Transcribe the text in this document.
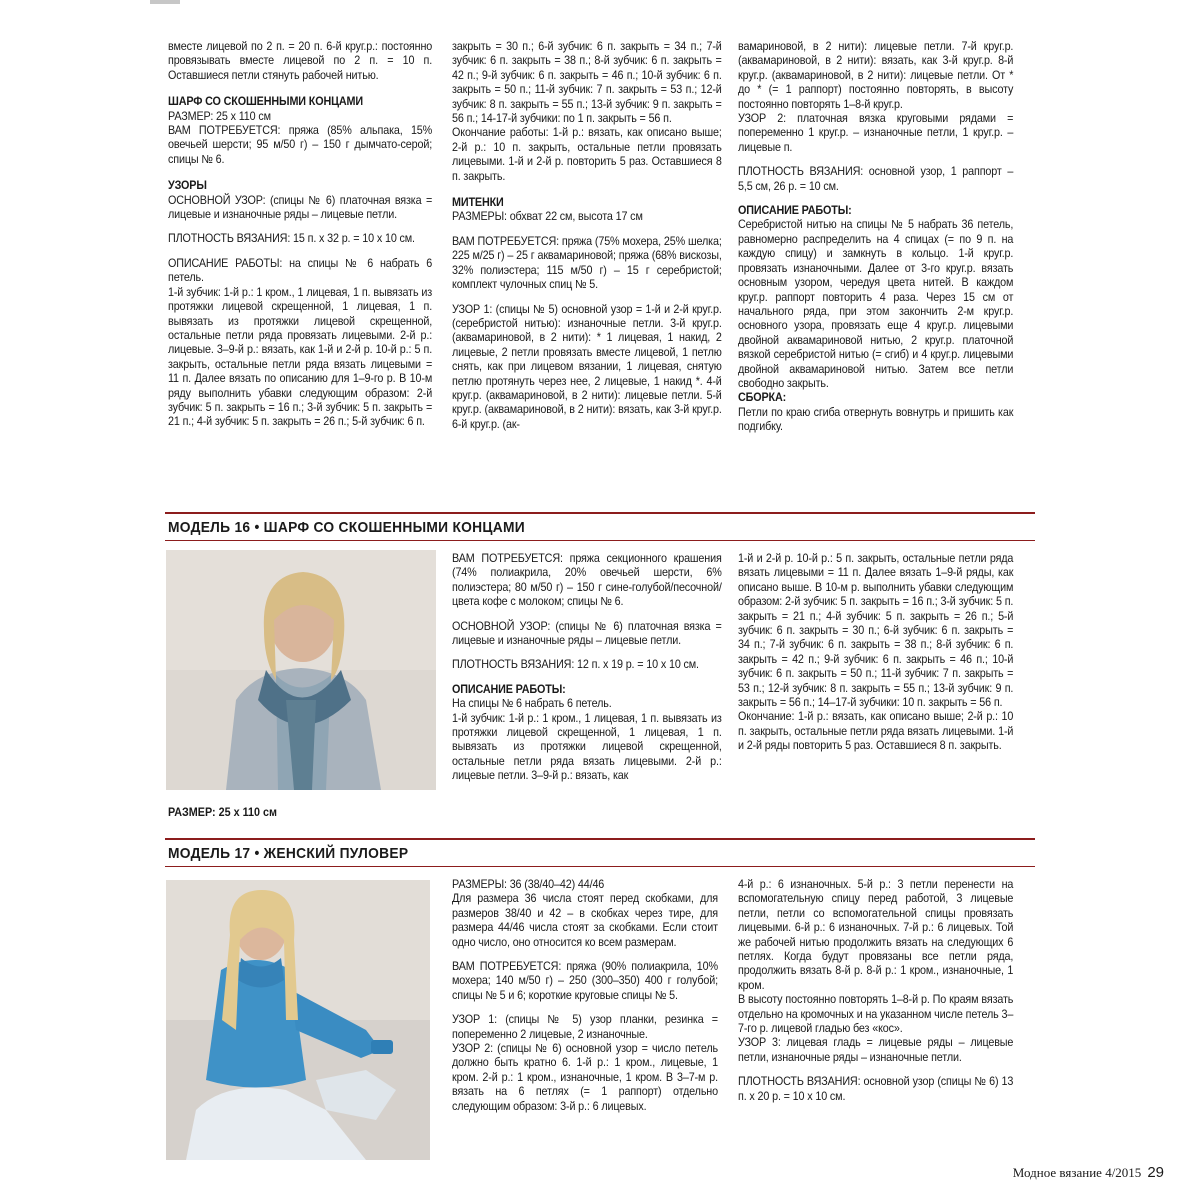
вместе лицевой по 2 п. = 20 п. 6-й круг.р.: постоянно провязывать вместе лицевой по 2 п. = 10 п. Оставшиеся петли стянуть рабочей нитью.

ШАРФ СО СКОШЕННЫМИ КОНЦАМИ

РАЗМЕР: 25 х 110 см

ВАМ ПОТРЕБУЕТСЯ: пряжа (85% альпака, 15% овечьей шерсти; 95 м/50 г) – 150 г дымчато-серой; спицы № 6.

УЗОРЫ

ОСНОВНОЙ УЗОР: (спицы № 6) платочная вязка = лицевые и изнаночные ряды – лицевые петли.

ПЛОТНОСТЬ ВЯЗАНИЯ: 15 п. х 32 р. = 10 х 10 см.

ОПИСАНИЕ РАБОТЫ: на спицы № 6 набрать 6 петель.

1-й зубчик: 1-й р.: 1 кром., 1 лицевая, 1 п. вывязать из протяжки лицевой скрещенной, 1 лицевая, 1 п. вывязать из протяжки лицевой скрещенной, остальные петли ряда провязать лицевыми. 2-й р.: лицевые. 3–9-й р.: вязать, как 1-й и 2-й р. 10-й р.: 5 п. закрыть, остальные петли ряда вязать лицевыми = 11 п. Далее вязать по описанию для 1–9-го р. В 10-м ряду выполнить убавки следующим образом: 2-й зубчик: 5 п. закрыть = 16 п.; 3-й зубчик: 5 п. закрыть = 21 п.; 4-й зубчик: 5 п. закрыть = 26 п.; 5-й зубчик: 6 п.

закрыть = 30 п.; 6-й зубчик: 6 п. закрыть = 34 п.; 7-й зубчик: 6 п. закрыть = 38 п.; 8-й зубчик: 6 п. закрыть = 42 п.; 9-й зубчик: 6 п. закрыть = 46 п.; 10-й зубчик: 6 п. закрыть = 50 п.; 11-й зубчик: 7 п. закрыть = 53 п.; 12-й зубчик: 8 п. закрыть = 55 п.; 13-й зубчик: 9 п. закрыть = 56 п.; 14-17-й зубчики: по 1 п. закрыть = 56 п.

Окончание работы: 1-й р.: вязать, как описано выше; 2-й р.: 10 п. закрыть, остальные петли провязать лицевыми. 1-й и 2-й р. повторить 5 раз. Оставшиеся 8 п. закрыть.

МИТЕНКИ

РАЗМЕРЫ: обхват 22 см, высота 17 см

ВАМ ПОТРЕБУЕТСЯ: пряжа (75% мохера, 25% шелка; 225 м/25 г) – 25 г аквамариновой; пряжа (68% вискозы, 32% полиэстера; 115 м/50 г) – 15 г серебристой; комплект чулочных спиц № 5.

УЗОР 1: (спицы № 5) основной узор = 1-й и 2-й круг.р. (серебристой нитью): изнаночные петли. 3-й круг.р. (аквамариновой, в 2 нити): * 1 лицевая, 1 накид, 2 лицевые, 2 петли провязать вместе лицевой, 1 петлю снять, как при лицевом вязании, 1 лицевая, снятую петлю протянуть через нее, 2 лицевые, 1 накид *. 4-й круг.р. (аквамариновой, в 2 нити): лицевые петли. 5-й круг.р. (аквамариновой, в 2 нити): вязать, как 3-й круг.р. 6-й круг.р. (ак-

вамариновой, в 2 нити): лицевые петли. 7-й круг.р. (аквамариновой, в 2 нити): вязать, как 3-й круг.р. 8-й круг.р. (аквамариновой, в 2 нити): лицевые петли. От * до * (= 1 раппорт) постоянно повторять, в высоту постоянно повторять 1–8-й круг.р.

УЗОР 2: платочная вязка круговыми рядами = попеременно 1 круг.р. – изнаночные петли, 1 круг.р. – лицевые п.

ПЛОТНОСТЬ ВЯЗАНИЯ: основной узор, 1 раппорт – 5,5 см, 26 р. = 10 см.

ОПИСАНИЕ РАБОТЫ:

Серебристой нитью на спицы № 5 набрать 36 петель, равномерно распределить на 4 спицах (= по 9 п. на каждую спицу) и замкнуть в кольцо. 1-й круг.р. провязать изнаночными. Далее от 3-го круг.р. вязать основным узором, чередуя цвета нитей. В каждом круг.р. раппорт повторить 4 раза. Через 15 см от начального ряда, при этом закончить 2-м круг.р. основного узора, провязать еще 4 круг.р. лицевыми двойной аквамариновой нитью, 2 круг.р. платочной вязкой серебристой нитью (= сгиб) и 4 круг.р. лицевыми двойной аквамариновой нитью. Затем все петли свободно закрыть.

СБОРКА:

Петли по краю сгиба отвернуть вовнутрь и пришить как подгибку.

МОДЕЛЬ 16 • ШАРФ СО СКОШЕННЫМИ КОНЦАМИ
РАЗМЕР: 25 х 110 см

ВАМ ПОТРЕБУЕТСЯ: пряжа секционного крашения (74% полиакрила, 20% овечьей шерсти, 6% полиэстера; 80 м/50 г) – 150 г сине-голубой/песочной/цвета кофе с молоком; спицы № 6.

ОСНОВНОЙ УЗОР: (спицы № 6) платочная вязка = лицевые и изнаночные ряды – лицевые петли.

ПЛОТНОСТЬ ВЯЗАНИЯ: 12 п. х 19 р. = 10 х 10 см.

ОПИСАНИЕ РАБОТЫ:

На спицы № 6 набрать 6 петель.

1-й зубчик: 1-й р.: 1 кром., 1 лицевая, 1 п. вывязать из протяжки лицевой скрещенной, 1 лицевая, 1 п. вывязать из протяжки лицевой скрещенной, остальные петли ряда вязать лицевыми. 2-й р.: лицевые петли. 3–9-й р.: вязать, как

1-й и 2-й р. 10-й р.: 5 п. закрыть, остальные петли ряда вязать лицевыми = 11 п. Далее вязать 1–9-й ряды, как описано выше. В 10-м р. выполнить убавки следующим образом: 2-й зубчик: 5 п. закрыть = 16 п.; 3-й зубчик: 5 п. закрыть = 21 п.; 4-й зубчик: 5 п. закрыть = 26 п.; 5-й зубчик: 6 п. закрыть = 30 п.; 6-й зубчик: 6 п. закрыть = 34 п.; 7-й зубчик: 6 п. закрыть = 38 п.; 8-й зубчик: 6 п. закрыть = 42 п.; 9-й зубчик: 6 п. закрыть = 46 п.; 10-й зубчик: 6 п. закрыть = 50 п.; 11-й зубчик: 7 п. закрыть = 53 п.; 12-й зубчик: 8 п. закрыть = 55 п.; 13-й зубчик: 9 п. закрыть = 56 п.; 14–17-й зубчики: 10 п. закрыть = 56 п.

Окончание: 1-й р.: вязать, как описано выше; 2-й р.: 10 п. закрыть, остальные петли ряда вязать лицевыми. 1-й и 2-й ряды повторить 5 раз. Оставшиеся 8 п. закрыть.

МОДЕЛЬ 17 • ЖЕНСКИЙ ПУЛОВЕР

РАЗМЕРЫ: 36 (38/40–42) 44/46

Для размера 36 числа стоят перед скобками, для размеров 38/40 и 42 – в скобках через тире, для размера 44/46 числа стоят за скобками. Если стоит одно число, оно относится ко всем размерам.

ВАМ ПОТРЕБУЕТСЯ: пряжа (90% полиакрила, 10% мохера; 140 м/50 г) – 250 (300–350) 400 г голубой; спицы № 5 и 6; короткие круговые спицы № 5.

УЗОР 1: (спицы № 5) узор планки, резинка = попеременно 2 лицевые, 2 изнаночные.

УЗОР 2: (спицы № 6) основной узор = число петель должно быть кратно 6. 1-й р.: 1 кром., лицевые, 1 кром. 2-й р.: 1 кром., изнаночные, 1 кром. В 3–7-м р. вязать на 6 петлях (= 1 раппорт) отдельно следующим образом: 3-й р.: 6 лицевых.

4-й р.: 6 изнаночных. 5-й р.: 3 петли перенести на вспомогательную спицу перед работой, 3 лицевые петли, петли со вспомогательной спицы провязать лицевыми. 6-й р.: 6 изнаночных. 7-й р.: 6 лицевых. Той же рабочей нитью продолжить вязать на следующих 6 петлях. Когда будут провязаны все петли ряда, продолжить вязать 8-й р. 8-й р.: 1 кром., изнаночные, 1 кром.

В высоту постоянно повторять 1–8-й р. По краям вязать отдельно на кромочных и на указанном числе петель 3–7-го р. лицевой гладью без «кос».

УЗОР 3: лицевая гладь = лицевые ряды – лицевые петли, изнаночные ряды – изнаночные петли.

ПЛОТНОСТЬ ВЯЗАНИЯ: основной узор (спицы № 6) 13 п. х 20 р. = 10 х 10 см.

Модное вязание 4/2015 29
